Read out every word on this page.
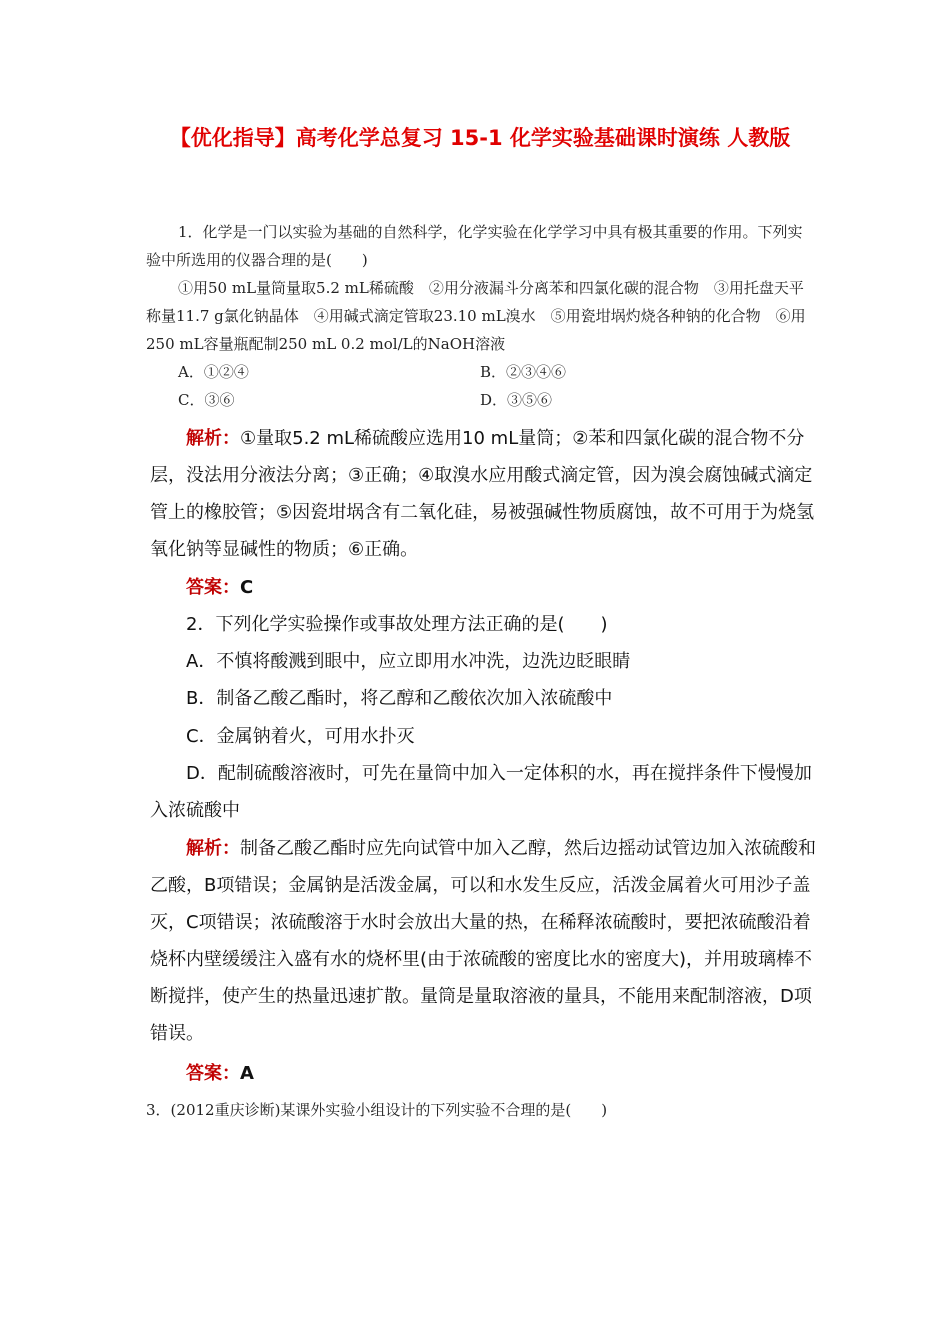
【优化指导】高考化学总复习 15-1 化学实验基础课时演练 人教版

1．化学是一门以实验为基础的自然科学，化学实验在化学学习中具有极其重要的作用。下列实验中所选用的仪器合理的是(　　)

①用50 mL量筒量取5.2 mL稀硫酸　②用分液漏斗分离苯和四氯化碳的混合物　③用托盘天平称量11.7 g氯化钠晶体　④用碱式滴定管取23.10 mL溴水　⑤用瓷坩埚灼烧各种钠的化合物　⑥用250 mL容量瓶配制250 mL 0.2 mol/L的NaOH溶液

A．①②④	B．②③④⑥
C．③⑥	D．③⑤⑥

解析：①量取5.2 mL稀硫酸应选用10 mL量筒；②苯和四氯化碳的混合物不分层，没法用分液法分离；③正确；④取溴水应用酸式滴定管，因为溴会腐蚀碱式滴定管上的橡胶管；⑤因瓷坩埚含有二氧化硅，易被强碱性物质腐蚀，故不可用于为烧氢氧化钠等显碱性的物质；⑥正确。

答案：C
2．下列化学实验操作或事故处理方法正确的是(　　)
A．不慎将酸溅到眼中，应立即用水冲洗，边洗边眨眼睛
B．制备乙酸乙酯时，将乙醇和乙酸依次加入浓硫酸中
C．金属钠着火，可用水扑灭

D．配制硫酸溶液时，可先在量筒中加入一定体积的水，再在搅拌条件下慢慢加入浓硫酸中

解析：制备乙酸乙酯时应先向试管中加入乙醇，然后边摇动试管边加入浓硫酸和乙酸，B项错误；金属钠是活泼金属，可以和水发生反应，活泼金属着火可用沙子盖灭，C项错误；浓硫酸溶于水时会放出大量的热，在稀释浓硫酸时，要把浓硫酸沿着烧杯内壁缓缓注入盛有水的烧杯里(由于浓硫酸的密度比水的密度大)，并用玻璃棒不断搅拌，使产生的热量迅速扩散。量筒是量取溶液的量具，不能用来配制溶液，D项错误。

答案：A
3．(2012重庆诊断)某课外实验小组设计的下列实验不合理的是(　　)
